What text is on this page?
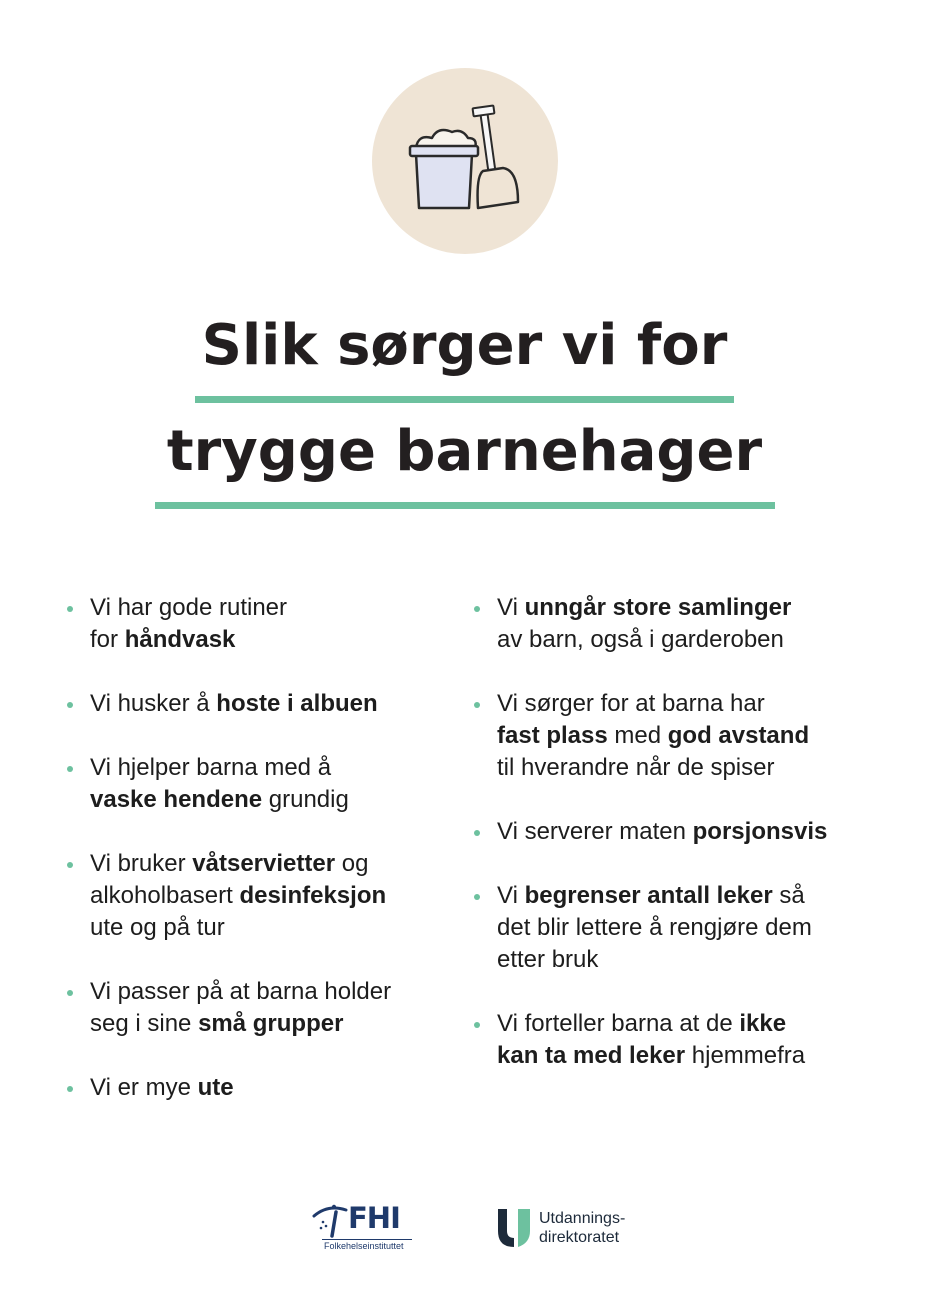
Slik sørger vi for
trygge barnehager
Vi har gode rutiner
for håndvask
Vi husker å hoste i albuen
Vi hjelper barna med å
vaske hendene grundig
Vi bruker våtservietter og
alkoholbasert desinfeksjon
ute og på tur
Vi passer på at barna holder
seg i sine små grupper
Vi er mye ute
Vi unngår store samlinger
av barn, også i garderoben
Vi sørger for at barna har
fast plass med god avstand
til hverandre når de spiser
Vi serverer maten porsjonsvis
Vi begrenser antall leker så
det blir lettere å rengjøre dem
etter bruk
Vi forteller barna at de ikke
kan ta med leker hjemmefra
FHI
Folkehelseinstituttet
Utdannings-
direktoratet
